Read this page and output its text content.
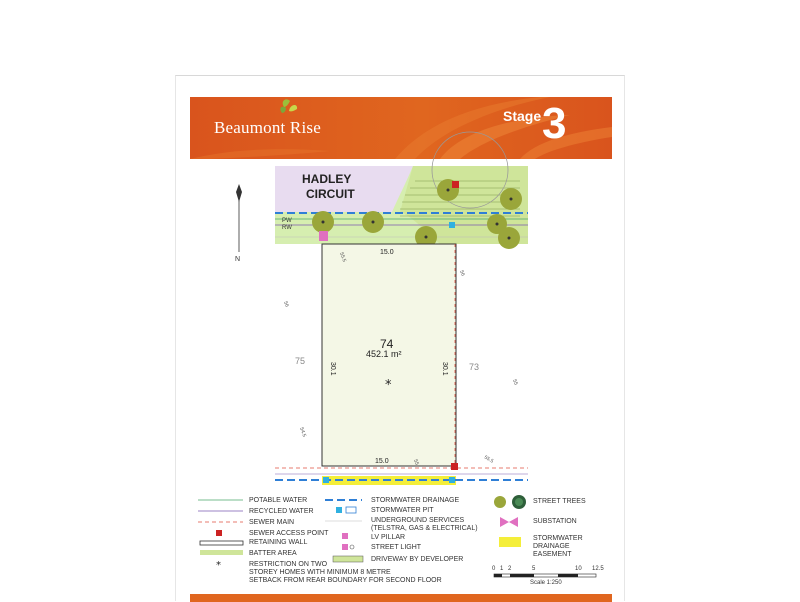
Beaumont Rise
Stage 3
HADLEY
CIRCUIT
PW
RW
15.0
74
452.1 m²
30.1	30.1
*
15.0
75
73
55.5
56
56
55
54.5
55	55.5
N
*
POTABLE WATER
RECYCLED WATER
SEWER MAIN
SEWER ACCESS POINT
RETAINING WALL
BATTER AREA
RESTRICTION ON TWO
STOREY HOMES WITH MINIMUM 8 METRE
SETBACK FROM REAR BOUNDARY FOR SECOND FLOOR
STORMWATER DRAINAGE
STORMWATER PIT
UNDERGROUND SERVICES
(TELSTRA, GAS & ELECTRICAL)
LV PILLAR
STREET LIGHT
DRIVEWAY BY DEVELOPER
STREET TREES
SUBSTATION
STORMWATER
DRAINAGE
EASEMENT
0 1 2	5	10 12.5
Scale 1:250
